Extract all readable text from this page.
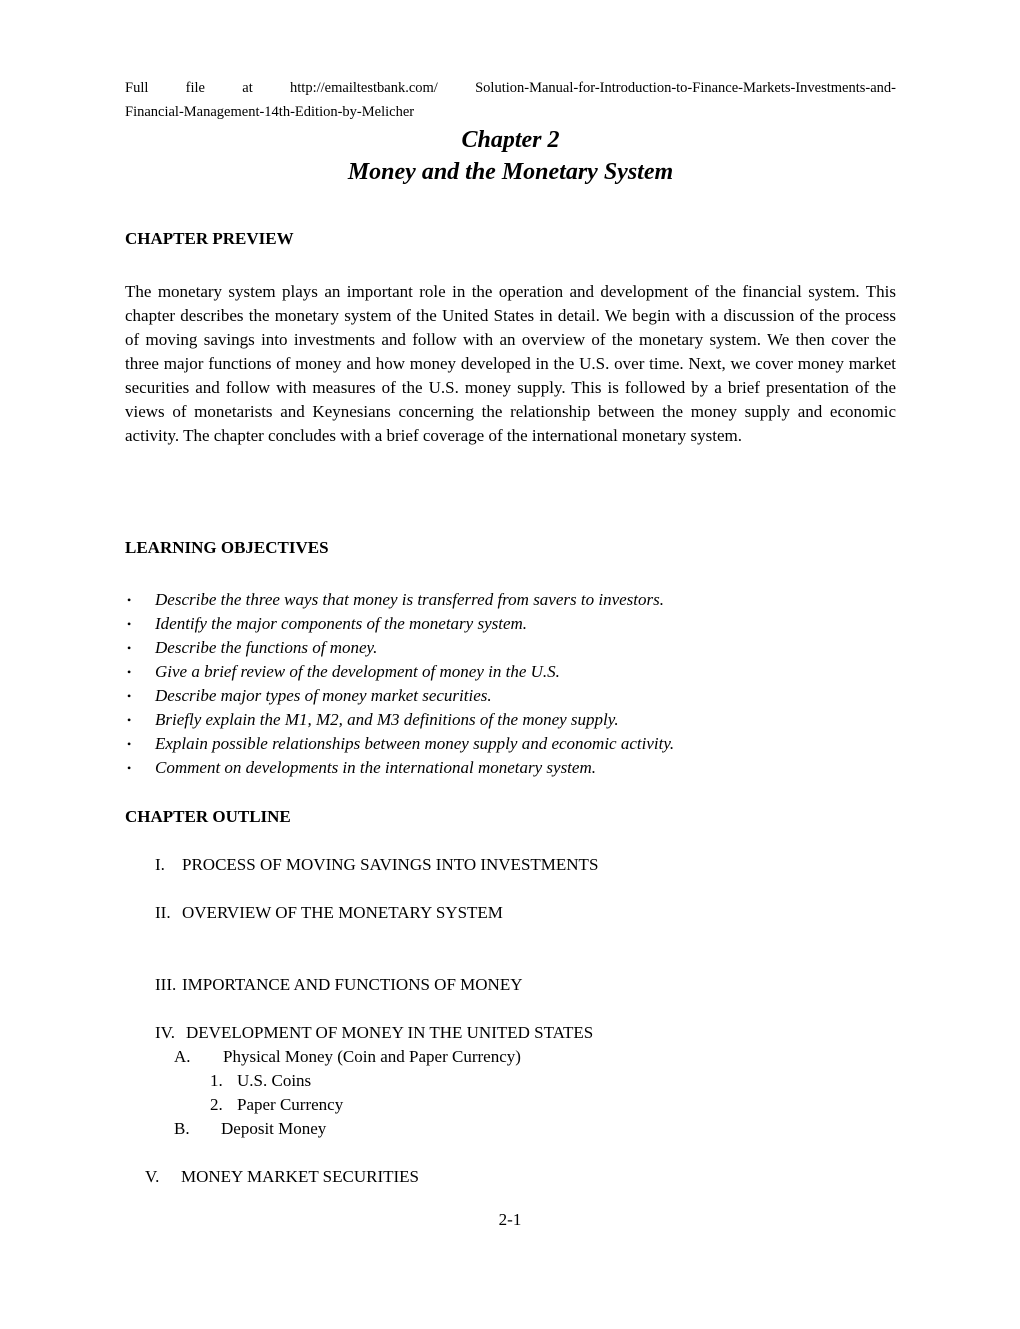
Full file at http://emailtestbank.com/ Solution-Manual-for-Introduction-to-Finance-Markets-Investments-and-
Financial-Management-14th-Edition-by-Melicher
Chapter 2
Money and the Monetary System
CHAPTER PREVIEW
The monetary system plays an important role in the operation and development of the financial system. This chapter describes the monetary system of the United States in detail. We begin with a discussion of the process of moving savings into investments and follow with an overview of the monetary system. We then cover the three major functions of money and how money developed in the U.S. over time. Next, we cover money market securities and follow with measures of the U.S. money supply. This is followed by a brief presentation of the views of monetarists and Keynesians concerning the relationship between the money supply and economic activity. The chapter concludes with a brief coverage of the international monetary system.
LEARNING OBJECTIVES
• Describe the three ways that money is transferred from savers to investors.
• Identify the major components of the monetary system.
• Describe the functions of money.
• Give a brief review of the development of money in the U.S.
• Describe major types of money market securities.
• Briefly explain the M1, M2, and M3 definitions of the money supply.
• Explain possible relationships between money supply and economic activity.
• Comment on developments in the international monetary system.
CHAPTER OUTLINE
I. PROCESS OF MOVING SAVINGS INTO INVESTMENTS
II. OVERVIEW OF THE MONETARY SYSTEM
III. IMPORTANCE AND FUNCTIONS OF MONEY
IV. DEVELOPMENT OF MONEY IN THE UNITED STATES
A. Physical Money (Coin and Paper Currency)
1. U.S. Coins
2. Paper Currency
B. Deposit Money
V. MONEY MARKET SECURITIES
2-1
